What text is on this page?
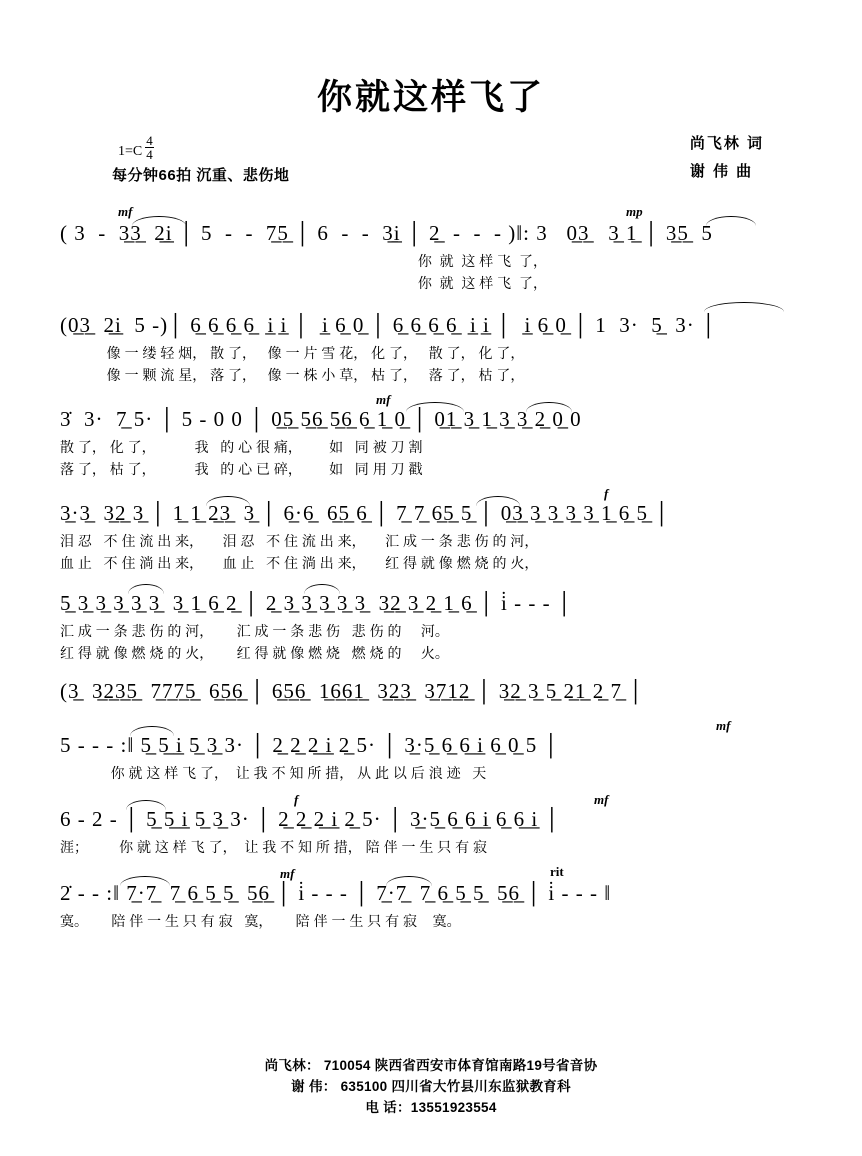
你就这样飞了
$1=C \frac{4}{4}$
每分钟66拍 沉重、悲伤地
尚飞林 词
谢 伟 曲
mf	mp
( 3  -  3̲3̲  2̲i̲ │ 5  -  -  7̲5̲ │ 6  -  -  3̲i̲ │ 2̲  -  -  - )‖: 3   0̲3̲   3̲ 1̲ │ 3̲5̲  5
你  就  这 样 飞  了，
你  就  这 样 飞  了，
(0̲3̲  2̲i̲  5 -)│ 6̲ 6̲ 6̲ 6̲  i̲ i̲ │  i̲ 6̲ 0̲ │ 6̲ 6̲ 6̲ 6̲  i̲ i̲ │  i̲ 6̲ 0̲ │ 1  3·  5̲  3· │
像 一 缕 轻 烟， 散 了，   像 一 片 雪 花， 化 了，   散 了， 化 了，
像 一 颗 流 星， 落 了，   像 一 株 小 草， 枯 了，   落 了， 枯 了，
mf
3̇  3·  7̲ 5· │ 5 - 0 0 │ 0̲5̲ 5̲6̲ 5̲6̲ 6̲ 1̲ 0̲ │ 0̲1̲ 3̲ 1̲ 3̲ 3̲ 2̲ 0̲ 0
散 了， 化 了，          我   的 心 很 痛，       如   同 被 刀 割
落 了， 枯 了，          我   的 心 已 碎，       如   同 用 刀 戳
f
3̲·3̲  3̲2̲ 3̲ │ 1̲ 1̲ 2̲3̲  3̲ │ 6̲·6̲  6̲5̲ 6̲ │ 7̲ 7̲ 6̲5̲ 5̲ │ 0̲3̲ 3̲ 3̲ 3̲ 3̲ 1̲ 6̲ 5̲ │
泪 忍   不 住 流 出 来，     泪 忍   不 住 流 出 来，     汇 成 一 条 悲 伤 的 河，
血 止   不 住 淌 出 来，     血 止   不 住 淌 出 来，     红 得 就 像 燃 烧 的 火，
5̲ 3̲ 3̲ 3̲ 3̲ 3̲  3̲ 1̲ 6̲ 2̲ │ 2̲ 3̲ 3̲ 3̲ 3̲ 3̲  3̲2̲ 3̲ 2̲ 1̲ 6̲ │ i̇ - - - │
汇 成 一 条 悲 伤 的 河，      汇 成 一 条 悲 伤   悲 伤 的     河。
红 得 就 像 燃 烧 的 火，      红 得 就 像 燃 烧   燃 烧 的     火。
(3̲  3̲2̲3̲5̲  7̲7̲7̲5̲  6̲5̲6̲ │ 6̲5̲6̲  1̲6̲6̲1̲  3̲2̲3̲  3̲7̲1̲2̲ │ 3̲2̲ 3̲ 5̲ 2̲1̲ 2̲ 7̲ │
mf
5 - - - :‖ 5̲ 5̲ i̲ 5̲ 3̲ 3· │ 2̲ 2̲ 2̲ i̲ 2̲ 5· │ 3̲·5̲ 6̲ 6̲ i̲ 6̲ 0̲ 5 │
你 就 这 样 飞 了，  让 我 不 知 所 措， 从 此 以 后 浪 迹   天
f	mf
6 - 2 - │ 5̲ 5̲ i̲ 5̲ 3̲ 3· │ 2̲ 2̲ 2̲ i̲ 2̲ 5· │ 3̲·5̲ 6̲ 6̲ i̲ 6̲ 6̲ i̲ │
涯；        你 就 这 样 飞 了，  让 我 不 知 所 措， 陪 伴 一 生 只 有 寂
mf	rit
2̇ - - :‖ 7̲·7̲  7̲ 6̲ 5̲ 5̲  5̲6̲ │ i̇ - - - │ 7̲·7̲  7̲ 6̲ 5̲ 5̲  5̲6̲ │ i̇ - - - ‖
寞。      陪 伴 一 生 只 有 寂   寞，      陪 伴 一 生 只 有 寂    寞。
尚飞林： 710054 陕西省西安市体育馆南路19号省音协
谢 伟： 635100 四川省大竹县川东监狱教育科
电 话：13551923554
